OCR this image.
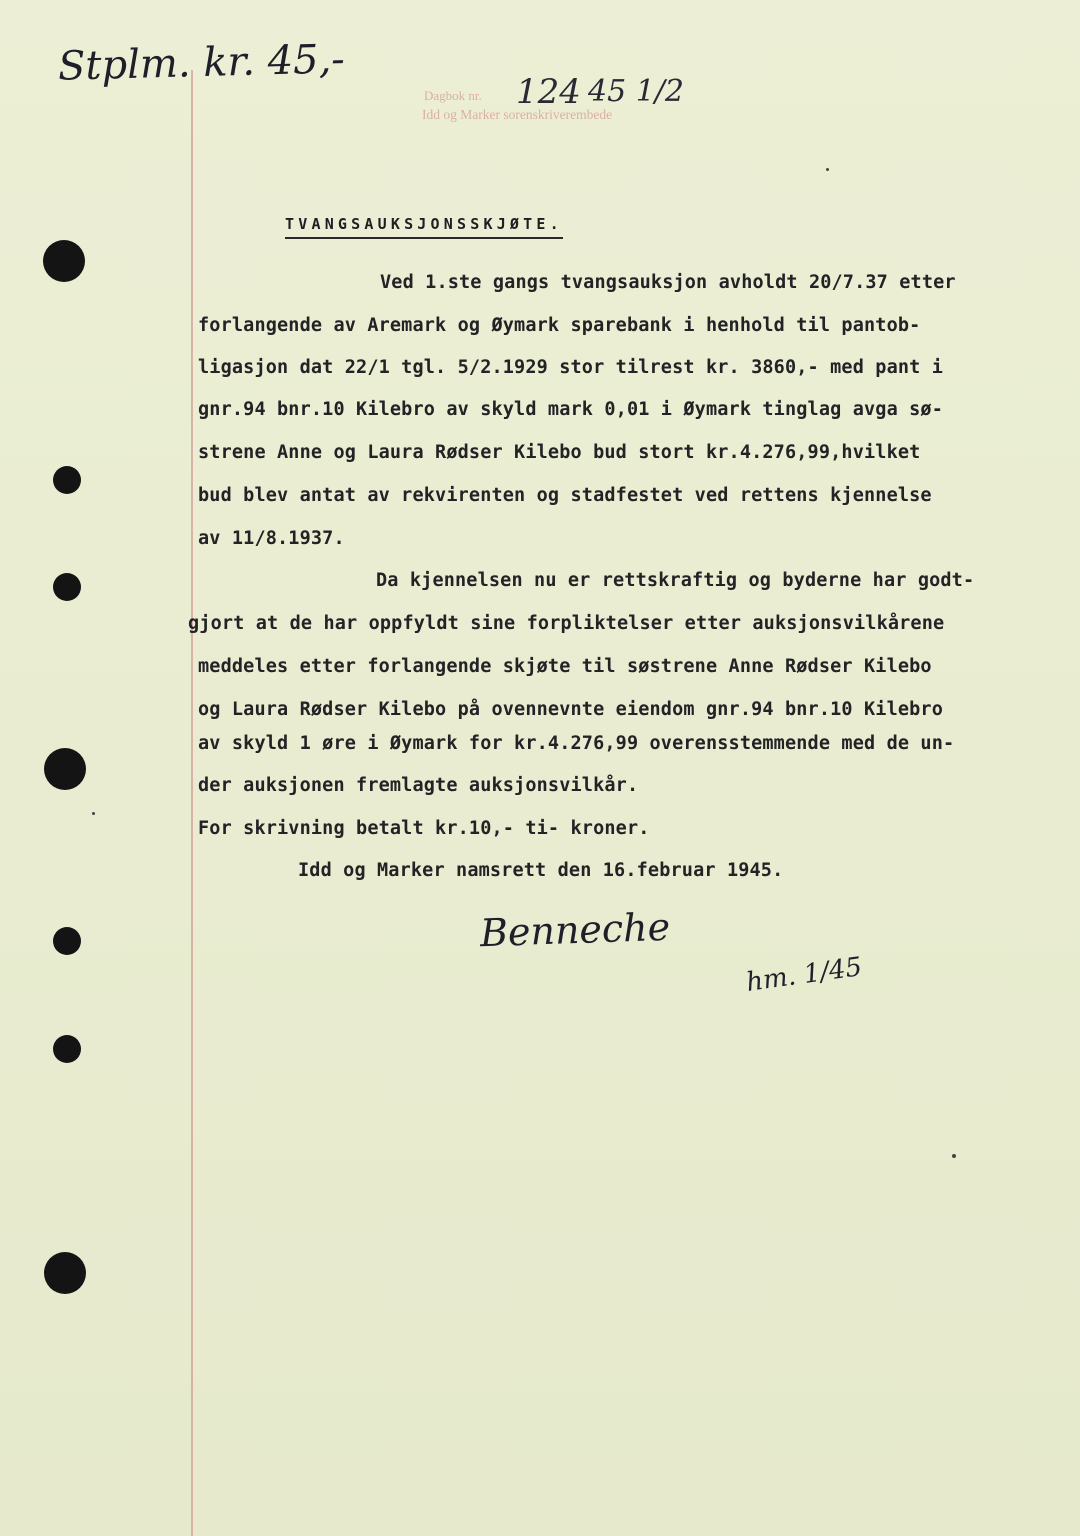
Stplm. kr. 45,-
Dagbok nr. 124 45 1/2
Idd og Marker sorenskriverembede
TVANGSAUKSJONSSKJØTE.
Ved 1.ste gangs tvangsauksjon avholdt 20/7.37 etter
forlangende av Aremark og Øymark sparebank i henhold til pantob-
ligasjon dat 22/1 tgl. 5/2.1929 stor tilrest kr. 3860,- med pant i
gnr.94 bnr.10 Kilebro av skyld mark 0,01 i Øymark tinglag avga sø-
strene Anne og Laura Rødser Kilebo bud stort kr.4.276,99,hvilket
bud blev antat av rekvirenten og stadfestet ved rettens kjennelse
av 11/8.1937.
Da kjennelsen nu er rettskraftig og byderne har godt-
gjort at de har oppfyldt sine forpliktelser etter auksjonsvilkårene
meddeles etter forlangende skjøte til søstrene Anne Rødser Kilebo
og Laura Rødser Kilebo på ovennevnte eiendom gnr.94 bnr.10 Kilebro
av skyld 1 øre i Øymark for kr.4.276,99 overensstemmende med de un-
der auksjonen fremlagte auksjonsvilkår.
For skrivning betalt kr.10,- ti- kroner.
Idd og Marker namsrett den 16.februar 1945.
Benneche
hm. 1/45
